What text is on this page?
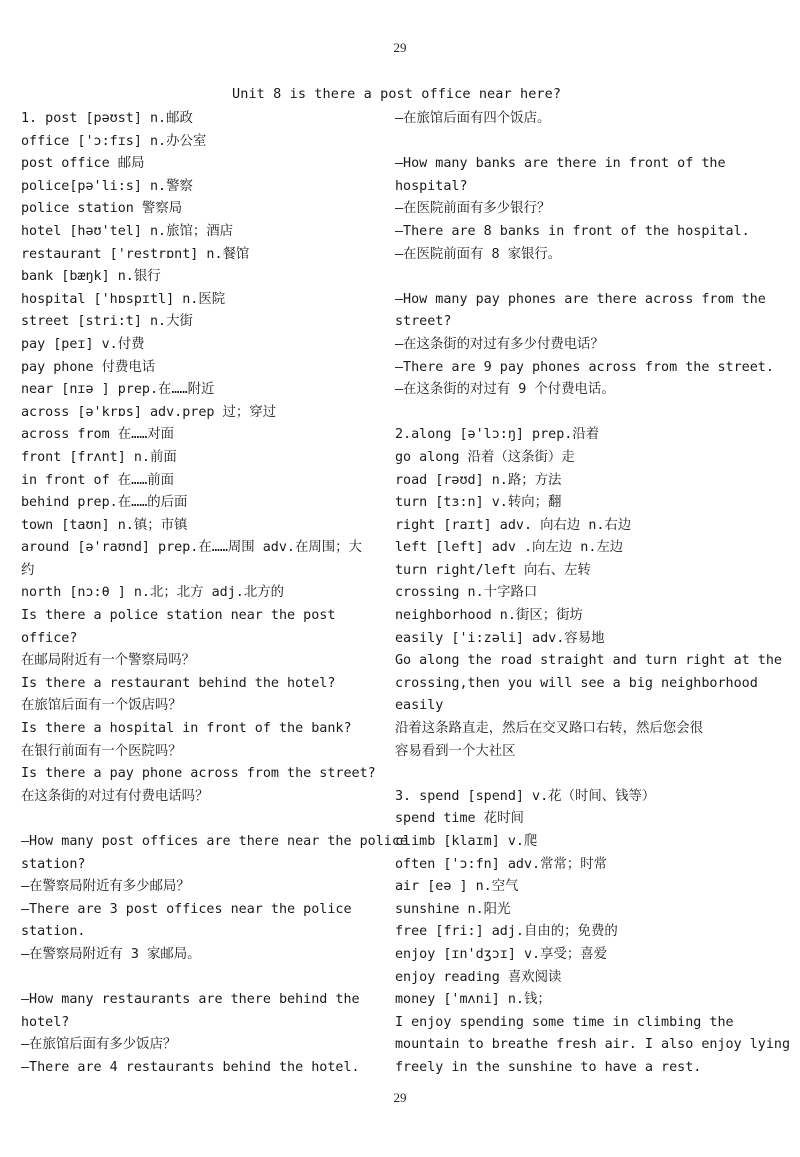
29
Unit 8 is there a post office near here?
1. post [pəʊst] n.邮政
office ['ɔ:fɪs] n.办公室
post office 邮局
police[pə'li:s] n.警察
police station 警察局
hotel [həʊ'tel] n.旅馆；酒店
restaurant ['restrɒnt] n.餐馆
bank [bæŋk] n.银行
hospital ['hɒspɪtl] n.医院
street [stri:t] n.大街
pay [peɪ] v.付费
pay phone 付费电话
near [nɪə ] prep.在……附近
across [ə'krɒs] adv.prep 过；穿过
across from 在……对面
front [frʌnt] n.前面
in front of 在……前面
behind prep.在……的后面
town [taʊn] n.镇；市镇
around [ə'raʊnd] prep.在……周围 adv.在周围；大
约
north [nɔ:θ ] n.北；北方 adj.北方的
Is there a police station near the post
office?
在邮局附近有一个警察局吗？
Is there a restaurant behind the hotel?
在旅馆后面有一个饭店吗？
Is there a hospital in front of the bank?
在银行前面有一个医院吗？
Is there a pay phone across from the street?
在这条街的对过有付费电话吗？
—How many post offices are there near the police
station?
—在警察局附近有多少邮局？
—There are 3 post offices near the police
station.
—在警察局附近有 3 家邮局。
—How many restaurants are there behind the
hotel?
—在旅馆后面有多少饭店？
—There are 4 restaurants behind the hotel.
—在旅馆后面有四个饭店。
—How many banks are there in front of the
hospital?
—在医院前面有多少银行？
—There are 8 banks in front of the hospital.
—在医院前面有 8 家银行。
—How many pay phones are there across from the
street?
—在这条街的对过有多少付费电话？
—There are 9 pay phones across from the street.
—在这条街的对过有 9 个付费电话。
2.along [ə'lɔ:ŋ] prep.沿着
go along 沿着（这条街）走
road [rəʊd] n.路；方法
turn [tɜ:n] v.转向；翻
right [raɪt] adv. 向右边 n.右边
left [left] adv .向左边 n.左边
turn right/left 向右、左转
crossing n.十字路口
neighborhood n.街区；街坊
easily ['i:zəli] adv.容易地
Go along the road straight and turn right at the
crossing,then you will see a big neighborhood
easily
沿着这条路直走，然后在交叉路口右转，然后您会很
容易看到一个大社区
3. spend [spend] v.花（时间、钱等）
spend time 花时间
climb [klaɪm] v.爬
often ['ɔ:fn] adv.常常；时常
air [eə ] n.空气
sunshine n.阳光
free [fri:] adj.自由的；免费的
enjoy [ɪn'dʒɔɪ] v.享受；喜爱
enjoy reading 喜欢阅读
money ['mʌni] n.钱；
I enjoy spending some time in climbing the
mountain to breathe fresh air. I also enjoy lying
freely in the sunshine to have a rest.
29
